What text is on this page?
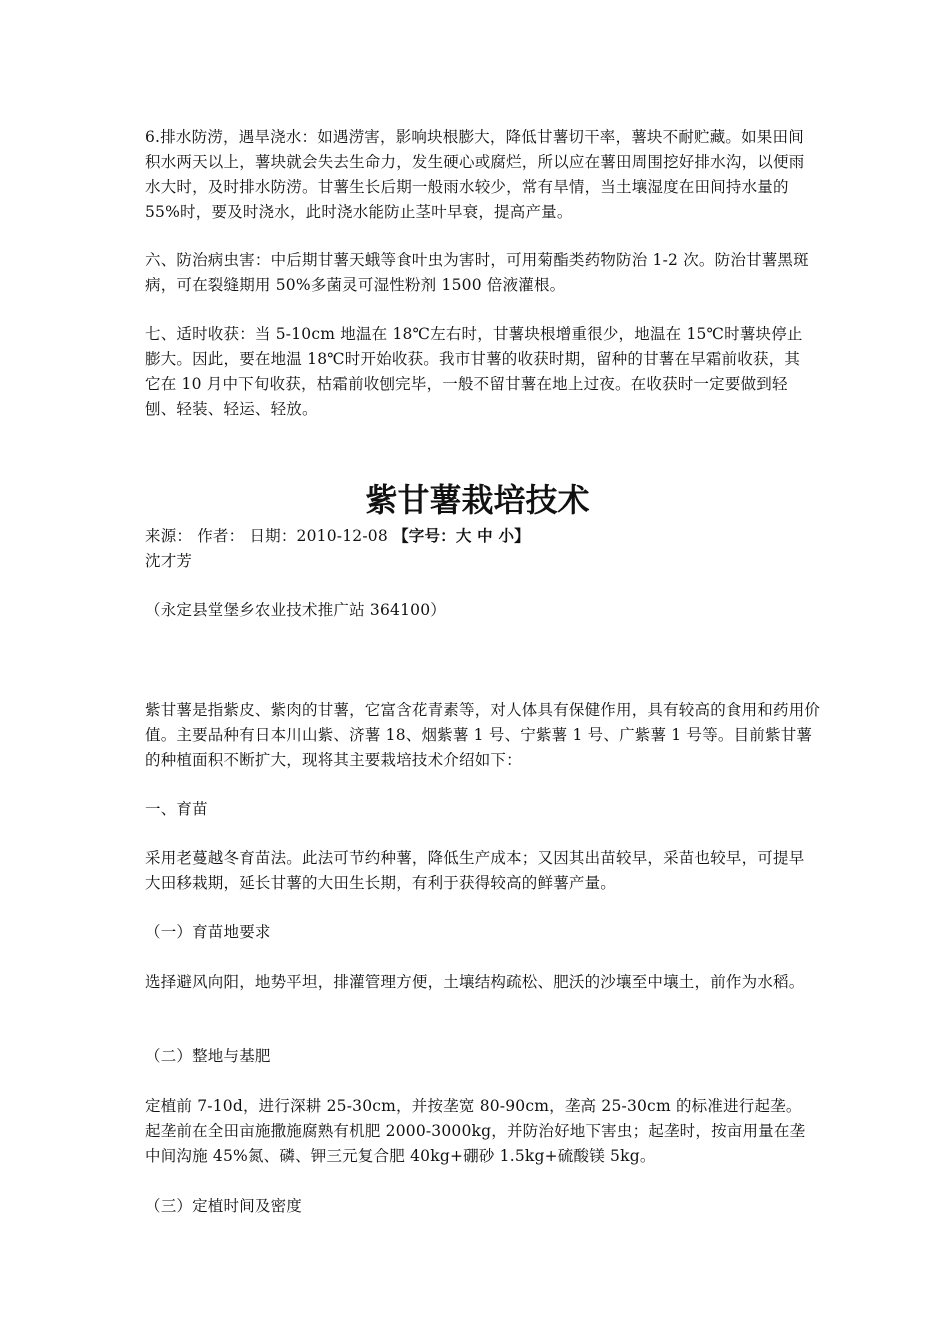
6.排水防涝，遇旱浇水：如遇涝害，影响块根膨大，降低甘薯切干率，薯块不耐贮藏。如果田间积水两天以上，薯块就会失去生命力，发生硬心或腐烂，所以应在薯田周围挖好排水沟，以便雨水大时，及时排水防涝。甘薯生长后期一般雨水较少，常有旱情，当土壤湿度在田间持水量的55%时，要及时浇水，此时浇水能防止茎叶早衰，提高产量。

六、防治病虫害：中后期甘薯天蛾等食叶虫为害时，可用菊酯类药物防治 1-2 次。防治甘薯黑斑病，可在裂缝期用 50%多菌灵可湿性粉剂 1500 倍液灌根。

七、适时收获：当 5-10cm 地温在 18℃左右时，甘薯块根增重很少，地温在 15℃时薯块停止膨大。因此，要在地温 18℃时开始收获。我市甘薯的收获时期，留种的甘薯在早霜前收获，其它在 10 月中下旬收获，枯霜前收刨完毕，一般不留甘薯在地上过夜。在收获时一定要做到轻刨、轻装、轻运、轻放。

紫甘薯栽培技术

来源： 作者： 日期：2010-12-08 【字号：大 中 小】

沈才芳

（永定县堂堡乡农业技术推广站 364100）

紫甘薯是指紫皮、紫肉的甘薯，它富含花青素等，对人体具有保健作用，具有较高的食用和药用价值。主要品种有日本川山紫、济薯 18、烟紫薯 1 号、宁紫薯 1 号、广紫薯 1 号等。目前紫甘薯的种植面积不断扩大，现将其主要栽培技术介绍如下：

一、育苗

采用老蔓越冬育苗法。此法可节约种薯，降低生产成本；又因其出苗较早，采苗也较早，可提早大田移栽期，延长甘薯的大田生长期，有利于获得较高的鲜薯产量。

（一）育苗地要求

选择避风向阳，地势平坦，排灌管理方便，土壤结构疏松、肥沃的沙壤至中壤土，前作为水稻。

（二）整地与基肥

定植前 7-10d，进行深耕 25-30cm，并按垄宽 80-90cm，垄高 25-30cm 的标准进行起垄。起垄前在全田亩施撒施腐熟有机肥 2000-3000kg，并防治好地下害虫；起垄时，按亩用量在垄中间沟施 45%氮、磷、钾三元复合肥 40kg+硼砂 1.5kg+硫酸镁 5kg。

（三）定植时间及密度
